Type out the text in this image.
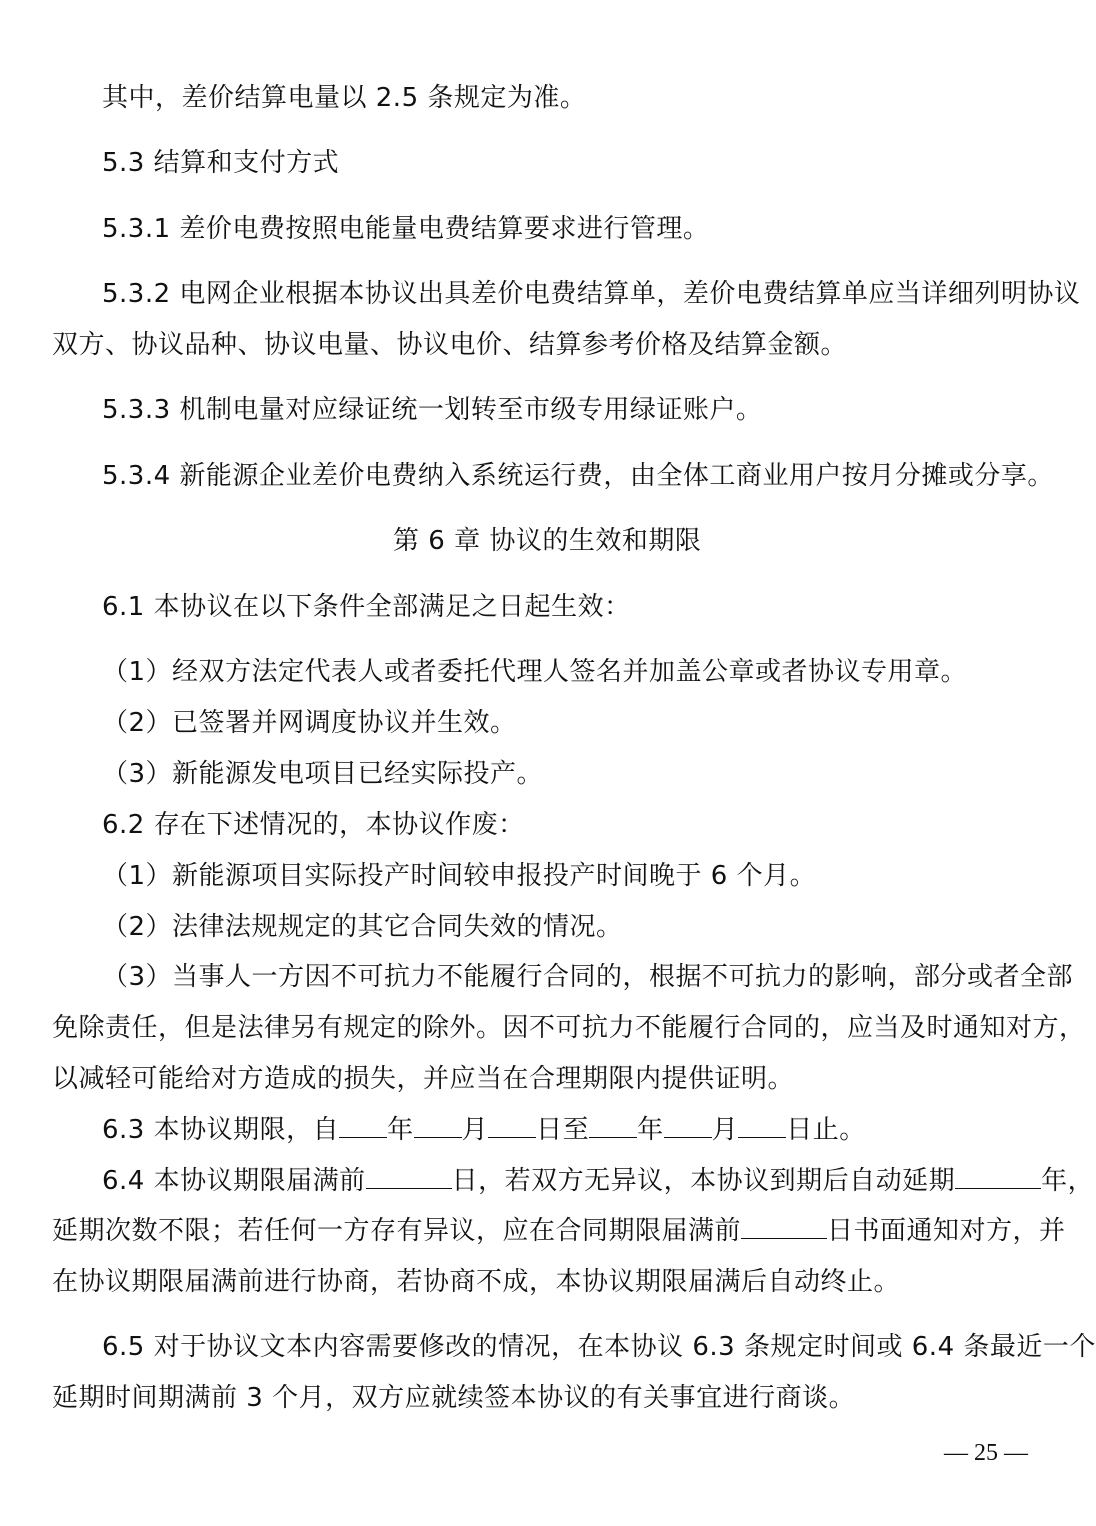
其中，差价结算电量以 2.5 条规定为准。
5.3 结算和支付方式
5.3.1 差价电费按照电能量电费结算要求进行管理。
5.3.2 电网企业根据本协议出具差价电费结算单，差价电费结算单应当详细列明协议
双方、协议品种、协议电量、协议电价、结算参考价格及结算金额。
5.3.3 机制电量对应绿证统一划转至市级专用绿证账户。
5.3.4 新能源企业差价电费纳入系统运行费，由全体工商业用户按月分摊或分享。
第 6 章 协议的生效和期限
6.1 本协议在以下条件全部满足之日起生效：
（1）经双方法定代表人或者委托代理人签名并加盖公章或者协议专用章。
（2）已签署并网调度协议并生效。
（3）新能源发电项目已经实际投产。
6.2 存在下述情况的，本协议作废：
（1）新能源项目实际投产时间较申报投产时间晚于 6 个月。
（2）法律法规规定的其它合同失效的情况。
（3）当事人一方因不可抗力不能履行合同的，根据不可抗力的影响，部分或者全部
免除责任，但是法律另有规定的除外。因不可抗力不能履行合同的，应当及时通知对方，
以减轻可能给对方造成的损失，并应当在合理期限内提供证明。
6.3 本协议期限，自 年 月 日至 年 月 日止。
6.4 本协议期限届满前	日，若双方无异议，本协议到期后自动延期	年，
延期次数不限；若任何一方存有异议，应在合同期限届满前	日书面通知对方，并
在协议期限届满前进行协商，若协商不成，本协议期限届满后自动终止。
6.5 对于协议文本内容需要修改的情况，在本协议 6.3 条规定时间或 6.4 条最近一个
延期时间期满前 3 个月，双方应就续签本协议的有关事宜进行商谈。
— 25 —
